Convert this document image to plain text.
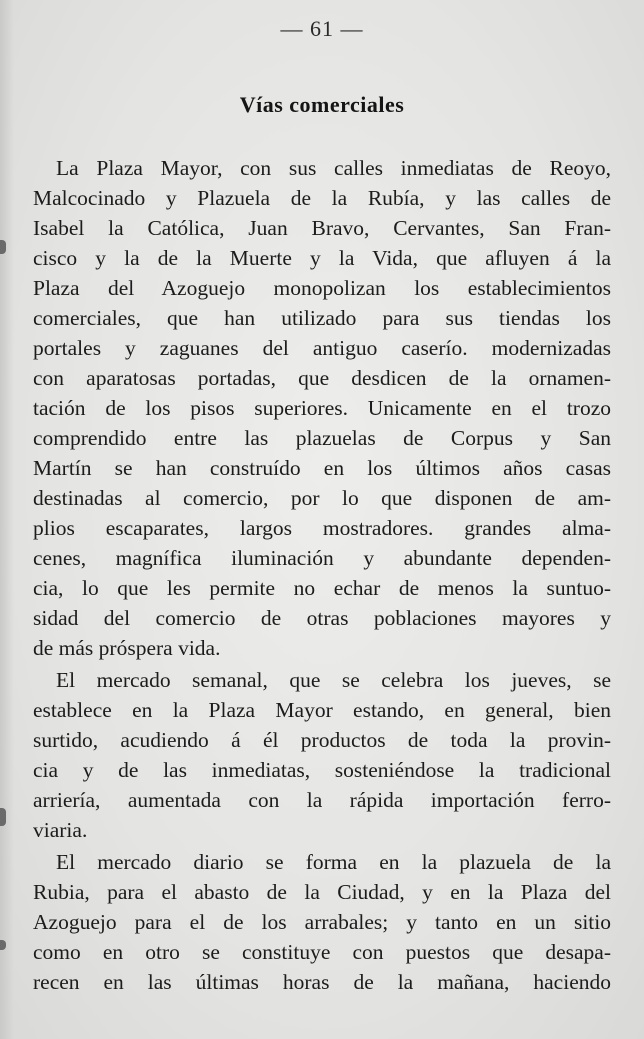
— 61 —
Vías comerciales
La Plaza Mayor, con sus calles inmediatas de Reoyo,
Malcocinado y Plazuela de la Rubía, y las calles de
Isabel la Católica, Juan Bravo, Cervantes, San Fran-
cisco y la de la Muerte y la Vida, que afluyen á la
Plaza del Azoguejo monopolizan los establecimientos
comerciales, que han utilizado para sus tiendas los
portales y zaguanes del antiguo caserío. modernizadas
con aparatosas portadas, que desdicen de la ornamen-
tación de los pisos superiores. Unicamente en el trozo
comprendido entre las plazuelas de Corpus y San
Martín se han construído en los últimos años casas
destinadas al comercio, por lo que disponen de am-
plios escaparates, largos mostradores. grandes alma-
cenes, magnífica iluminación y abundante dependen-
cia, lo que les permite no echar de menos la suntuo-
sidad del comercio de otras poblaciones mayores y
de más próspera vida.
El mercado semanal, que se celebra los jueves, se
establece en la Plaza Mayor estando, en general, bien
surtido, acudiendo á él productos de toda la provin-
cia y de las inmediatas, sosteniéndose la tradicional
arriería, aumentada con la rápida importación ferro-
viaria.
El mercado diario se forma en la plazuela de la
Rubia, para el abasto de la Ciudad, y en la Plaza del
Azoguejo para el de los arrabales; y tanto en un sitio
como en otro se constituye con puestos que desapa-
recen en las últimas horas de la mañana, haciendo
